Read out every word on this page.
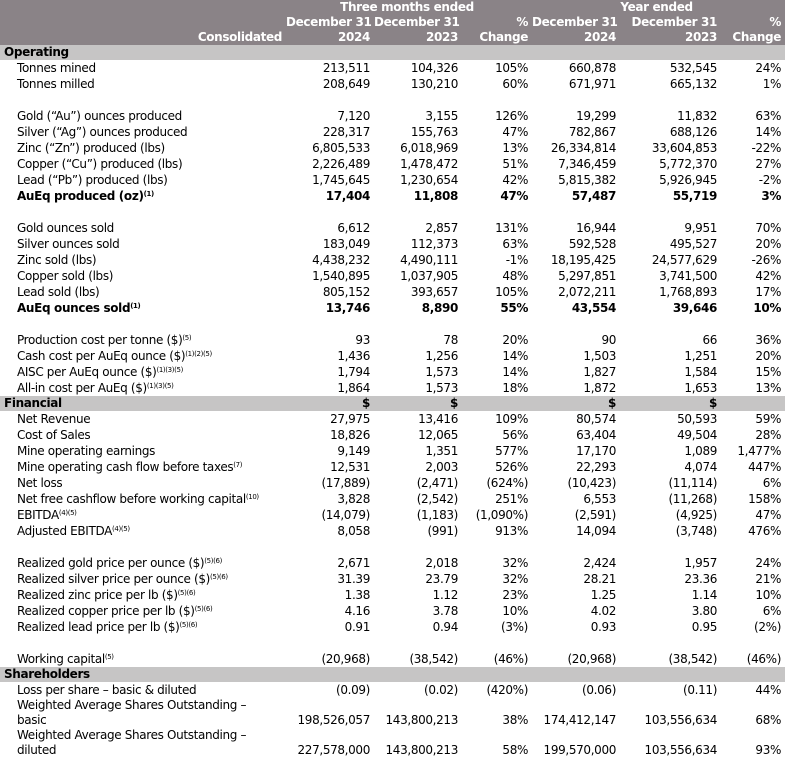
	Three months ended			Year ended		
	December 31	December 31	%	December 31	December 31	%
Consolidated	2024	2023	Change	2024	2023	Change
Operating						
Tonnes mined	213,511	104,326	105%	660,878	532,545	24%
Tonnes milled	208,649	130,210	60%	671,971	665,132	1%

Gold (“Au”) ounces produced	7,120	3,155	126%	19,299	11,832	63%
Silver (“Ag”) ounces produced	228,317	155,763	47%	782,867	688,126	14%
Zinc (“Zn”) produced (lbs)	6,805,533	6,018,969	13%	26,334,814	33,604,853	-22%
Copper (“Cu”) produced (lbs)	2,226,489	1,478,472	51%	7,346,459	5,772,370	27%
Lead (“Pb”) produced (lbs)	1,745,645	1,230,654	42%	5,815,382	5,926,945	-2%
AuEq produced (oz)$^{(1)}$	17,404	11,808	47%	57,487	55,719	3%

Gold ounces sold	6,612	2,857	131%	16,944	9,951	70%
Silver ounces sold	183,049	112,373	63%	592,528	495,527	20%
Zinc sold (lbs)	4,438,232	4,490,111	-1%	18,195,425	24,577,629	-26%
Copper sold (lbs)	1,540,895	1,037,905	48%	5,297,851	3,741,500	42%
Lead sold (lbs)	805,152	393,657	105%	2,072,211	1,768,893	17%
AuEq ounces sold$^{(1)}$	13,746	8,890	55%	43,554	39,646	10%

Production cost per tonne ($)$^{(5)}$	93	78	20%	90	66	36%
Cash cost per AuEq ounce ($)$^{(1)(2)(5)}$	1,436	1,256	14%	1,503	1,251	20%
AISC per AuEq ounce ($)$^{(1)(3)(5)}$	1,794	1,573	14%	1,827	1,584	15%
All-in cost per AuEq ($)$^{(1)(3)(5)}$	1,864	1,573	18%	1,872	1,653	13%
Financial	$	$		$	$	
Net Revenue	27,975	13,416	109%	80,574	50,593	59%
Cost of Sales	18,826	12,065	56%	63,404	49,504	28%
Mine operating earnings	9,149	1,351	577%	17,170	1,089	1,477%
Mine operating cash flow before taxes$^{(7)}$	12,531	2,003	526%	22,293	4,074	447%
Net loss	(17,889)	(2,471)	(624%)	(10,423)	(11,114)	6%
Net free cashflow before working capital$^{(10)}$	3,828	(2,542)	251%	6,553	(11,268)	158%
$EBITDA^{(4)(5)}$	(14,079)	(1,183)	(1,090%)	(2,591)	(4,925)	47%
Adjusted $EBITDA^{(4)(5)}$	8,058	(991)	913%	14,094	(3,748)	476%

Realized gold price per ounce ($)$^{(5)(6)}$	2,671	2,018	32%	2,424	1,957	24%
Realized silver price per ounce ($)$^{(5)(6)}$	31.39	23.79	32%	28.21	23.36	21%
Realized zinc price per lb ($)$^{(5)(6)}$	1.38	1.12	23%	1.25	1.14	10%
Realized copper price per lb ($)$^{(5)(6)}$	4.16	3.78	10%	4.02	3.80	6%
Realized lead price per lb ($)$^{(5)(6)}$	0.91	0.94	(3%)	0.93	0.95	(2%)

Working capital$^{(5)}$	(20,968)	(38,542)	(46%)	(20,968)	(38,542)	(46%)
Shareholders						
Loss per share – basic & diluted	(0.09)	(0.02)	(420%)	(0.06)	(0.11)	44%

Weighted Average Shares Outstanding –
basic	198,526,057	143,800,213	38%	174,412,147	103,556,634	68%

Weighted Average Shares Outstanding –
diluted	227,578,000	143,800,213	58%	199,570,000	103,556,634	93%
